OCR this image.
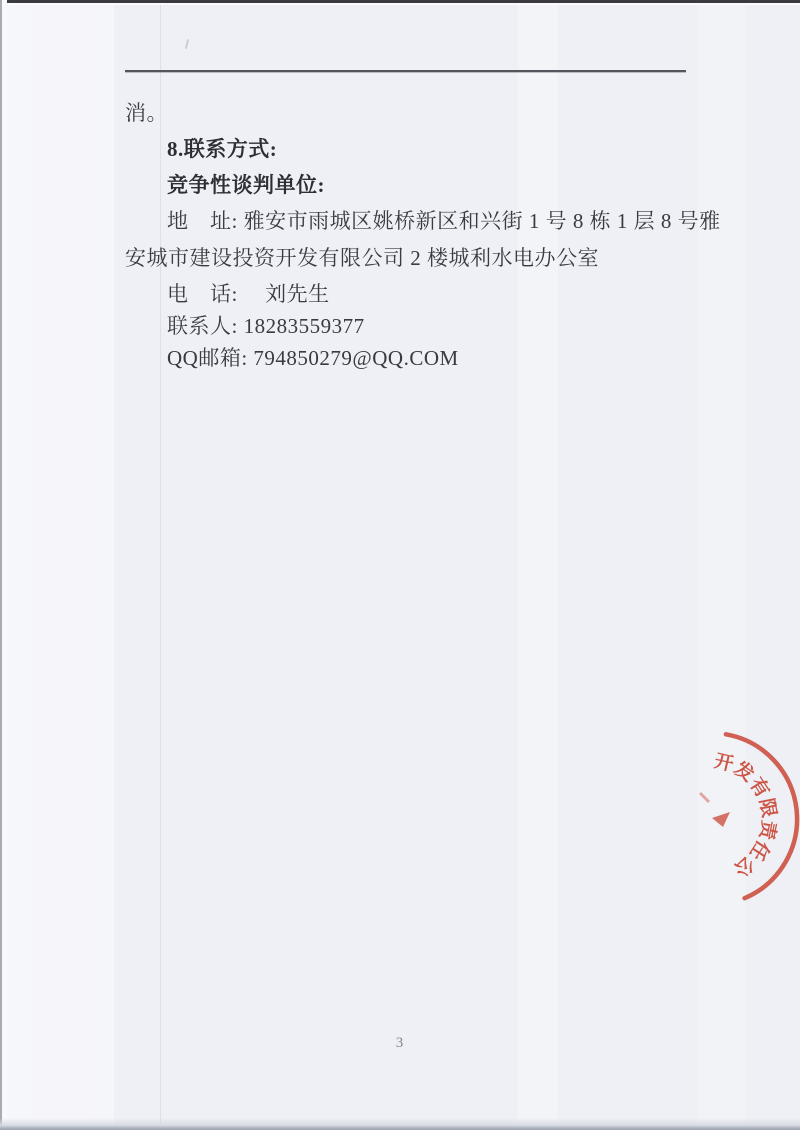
消。
8.联系方式:
竞争性谈判单位:
地　址: 雅安市雨城区姚桥新区和兴街 1 号 8 栋 1 层 8 号雅
安城市建设投资开发有限公司 2 楼城利水电办公室
电　话: 　刘先生
联系人: 18283559377
QQ邮箱: 794850279@QQ.COM
开
发
有
限
责
任
公
3
